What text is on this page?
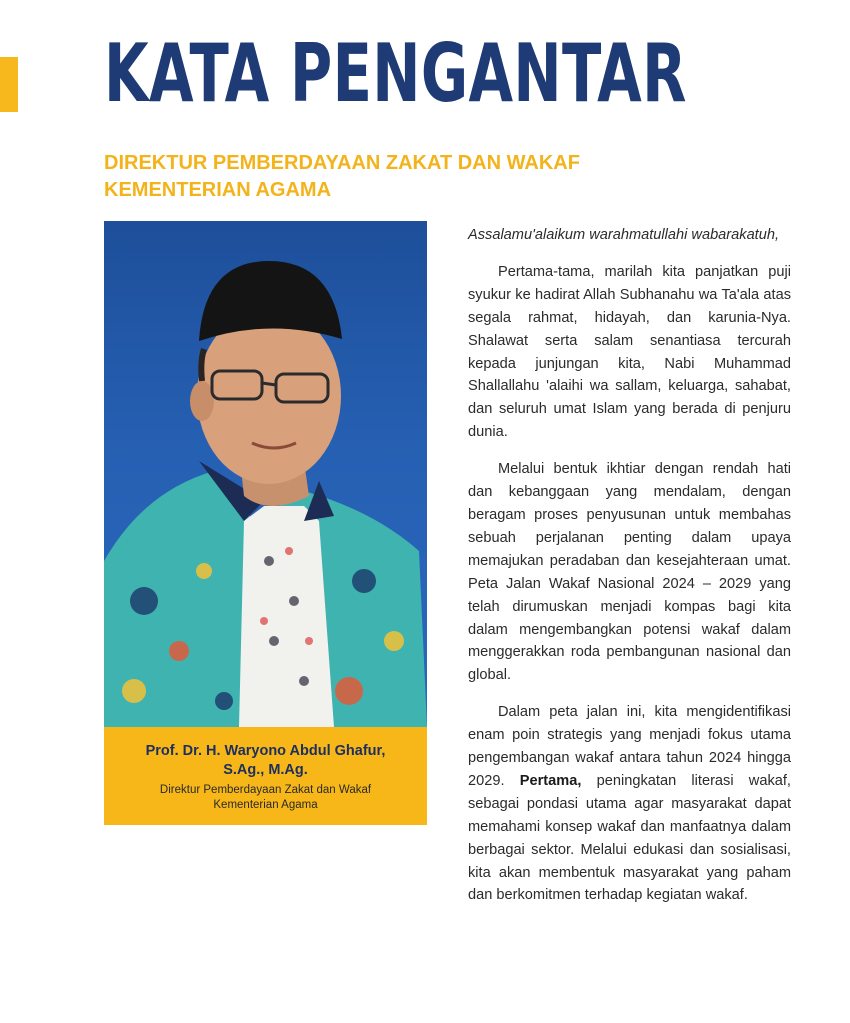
KATA PENGANTAR
DIREKTUR PEMBERDAYAAN ZAKAT DAN WAKAF
KEMENTERIAN AGAMA
Prof. Dr. H. Waryono Abdul Ghafur,
S.Ag., M.Ag.
Direktur Pemberdayaan Zakat dan Wakaf
Kementerian Agama

Assalamu'alaikum warahmatullahi wabarakatuh,

Pertama-tama, marilah kita panjatkan puji syukur ke hadirat Allah Subhanahu wa Ta'ala atas segala rahmat, hidayah, dan karunia-Nya. Shalawat serta salam senantiasa tercurah kepada junjungan kita, Nabi Muhammad Shallallahu 'alaihi wa sallam, keluarga, sahabat, dan seluruh umat Islam yang berada di penjuru dunia.

Melalui bentuk ikhtiar dengan rendah hati dan kebanggaan yang mendalam, dengan beragam proses penyusunan untuk membahas sebuah perjalanan penting dalam upaya memajukan peradaban dan kesejahteraan umat. Peta Jalan Wakaf Nasional 2024 – 2029 yang telah dirumuskan menjadi kompas bagi kita dalam mengembangkan potensi wakaf dalam menggerakkan roda pembangunan nasional dan global.

Dalam peta jalan ini, kita mengidentifikasi enam poin strategis yang menjadi fokus utama pengembangan wakaf antara tahun 2024 hingga 2029. Pertama, peningkatan literasi wakaf, sebagai pondasi utama agar masyarakat dapat memahami konsep wakaf dan manfaatnya dalam berbagai sektor. Melalui edukasi dan sosialisasi, kita akan membentuk masyarakat yang paham dan berkomitmen terhadap kegiatan wakaf.
